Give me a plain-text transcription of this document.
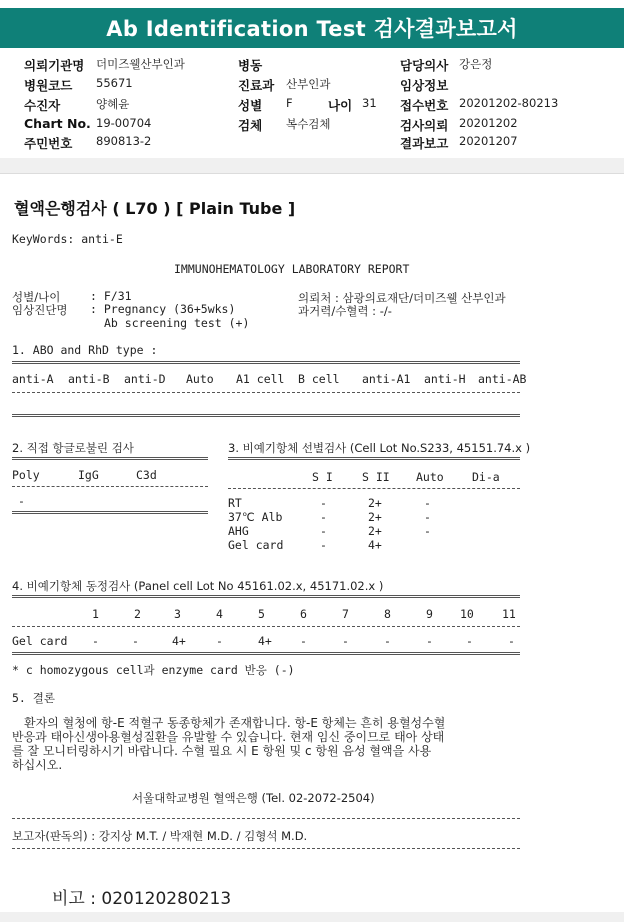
Ab Identification Test 검사결과보고서
의뢰기관명 더미즈웰산부인과	병동	담당의사 강은정
병원코드 55671	진료과 산부인과	임상정보
수진자	양혜윤	성별 F	나이 31 접수번호 20201202-80213
Chart No. 19-00704	검체 복수검체	검사의뢰 20201202
주민번호 890813-2	결과보고 20201207
혈액은행검사 ( L70 ) [ Plain Tube ]
KeyWords: anti-E
IMMUNOHEMATOLOGY LABORATORY REPORT
성별/나이	: F/31
임상진단명 : Pregnancy (36+5wks)
Ab screening test (+)
의뢰처 : 삼광의료재단/더미즈웰 산부인과
과거력/수혈력 : -/-
1. ABO and RhD type :
anti-A anti-B anti-D Auto A1 cell B cell anti-A1 anti-H anti-AB
2. 직접 항글로불린 검사
Poly	IgG	C3d
-
3. 비예기항체 선별검사 (Cell Lot No.S233, 45151.74.x )
S I	S II Auto Di-a
RT	-	2+	-
37℃ Alb	-	2+	-
AHG	-	2+	-
Gel card	-	4+
4. 비예기항체 동정검사 (Panel cell Lot No 45161.02.x, 45171.02.x )
1	2	3	4	5	6	7	8	9 10 11
Gel card -	-	4+	-	4+ -	-	-	-	-	-
* c homozygous cell과 enzyme card 반응 (-)
5. 결론
환자의 혈청에 항-E 적혈구 동종항체가 존재합니다. 항-E 항체는 흔히 용혈성수혈
반응과 태아신생아용혈성질환을 유발할 수 있습니다. 현재 임신 중이므로 태아 상태
를 잘 모니터링하시기 바랍니다. 수혈 필요 시 E 항원 및 c 항원 음성 혈액을 사용
하십시오.
서울대학교병원 혈액은행 (Tel. 02-2072-2504)
보고자(판독의) : 강지상 M.T. / 박재현 M.D. / 김형석 M.D.
비고 : 020120280213
